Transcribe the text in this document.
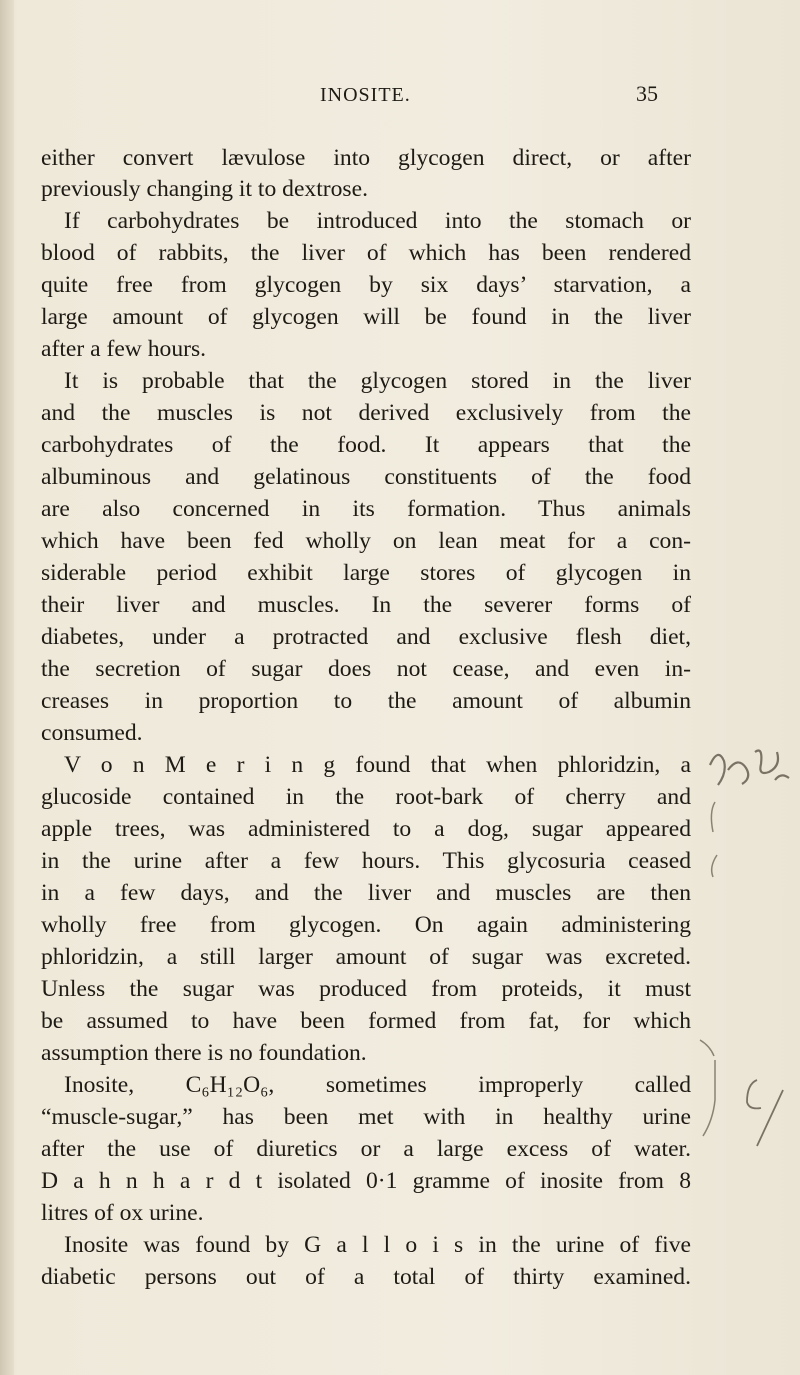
INOSITE.	35
either convert lævulose into glycogen direct, or after
previously changing it to dextrose.
If carbohydrates be introduced into the stomach or
blood of rabbits, the liver of which has been rendered
quite free from glycogen by six days’ starvation, a
large amount of glycogen will be found in the liver
after a few hours.
It is probable that the glycogen stored in the liver
and the muscles is not derived exclusively from the
carbohydrates of the food. It appears that the
albuminous and gelatinous constituents of the food
are also concerned in its formation. Thus animals
which have been fed wholly on lean meat for a con-
siderable period exhibit large stores of glycogen in
their liver and muscles. In the severer forms of
diabetes, under a protracted and exclusive flesh diet,
the secretion of sugar does not cease, and even in-
creases in proportion to the amount of albumin
consumed.
V o n M e r i n g found that when phloridzin, a
glucoside contained in the root-bark of cherry and
apple trees, was administered to a dog, sugar appeared
in the urine after a few hours. This glycosuria ceased
in a few days, and the liver and muscles are then
wholly free from glycogen. On again administering
phloridzin, a still larger amount of sugar was excreted.
Unless the sugar was produced from proteids, it must
be assumed to have been formed from fat, for which
assumption there is no foundation.
Inosite, C₆H₁₂O₆, sometimes improperly called
“muscle-sugar,” has been met with in healthy urine
after the use of diuretics or a large excess of water.
D a h n h a r d t isolated 0·1 gramme of inosite from 8
litres of ox urine.
Inosite was found by G a l l o i s in the urine of five
diabetic persons out of a total of thirty examined.
